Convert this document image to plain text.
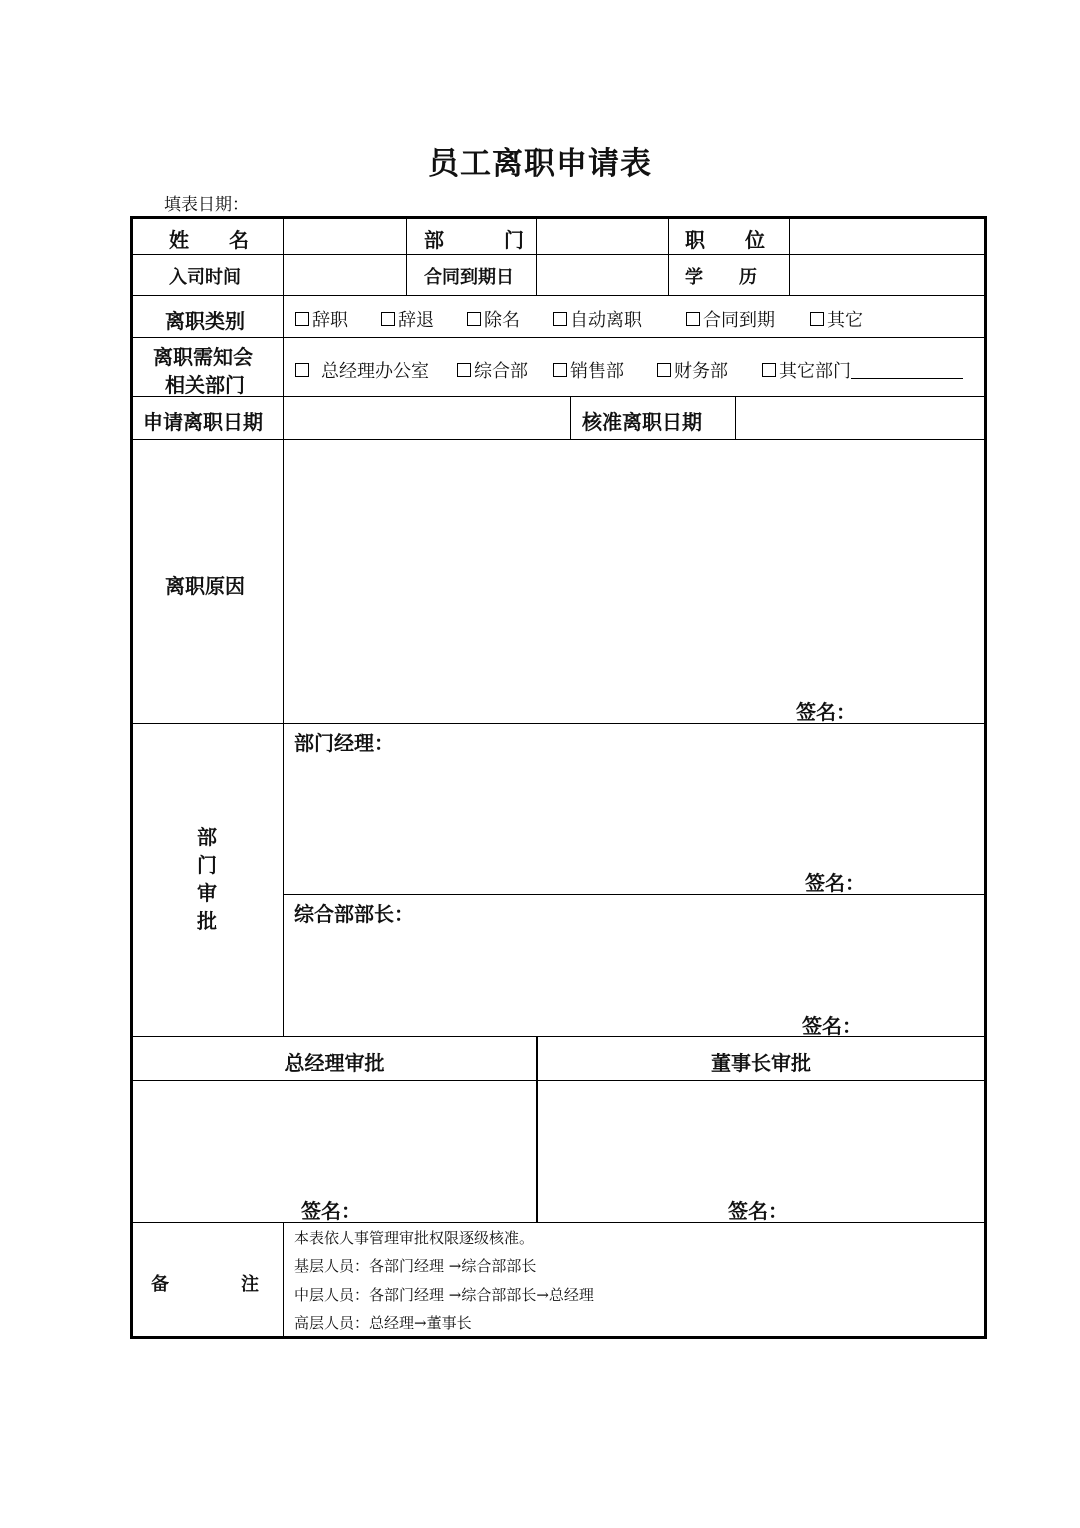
员工离职申请表
填表日期：
姓　　名	部　　　门	职　　位
入司时间	合同到期日	学　　历
离职类别	辞职	辞退	除名	自动离职	合同到期	其它
离职需知会
相关部门
总经理办公室	综合部	销售部	财务部	其它部门
申请离职日期	核准离职日期
离职原因
签名：
部
门
审
批
部门经理：
签名：
综合部部长：
签名：
总经理审批	董事长审批
签名：	签名：
备　　　　注
本表依人事管理审批权限逐级核准。
基层人员：各部门经理 →综合部部长
中层人员：各部门经理 →综合部部长→总经理
高层人员：总经理→董事长
